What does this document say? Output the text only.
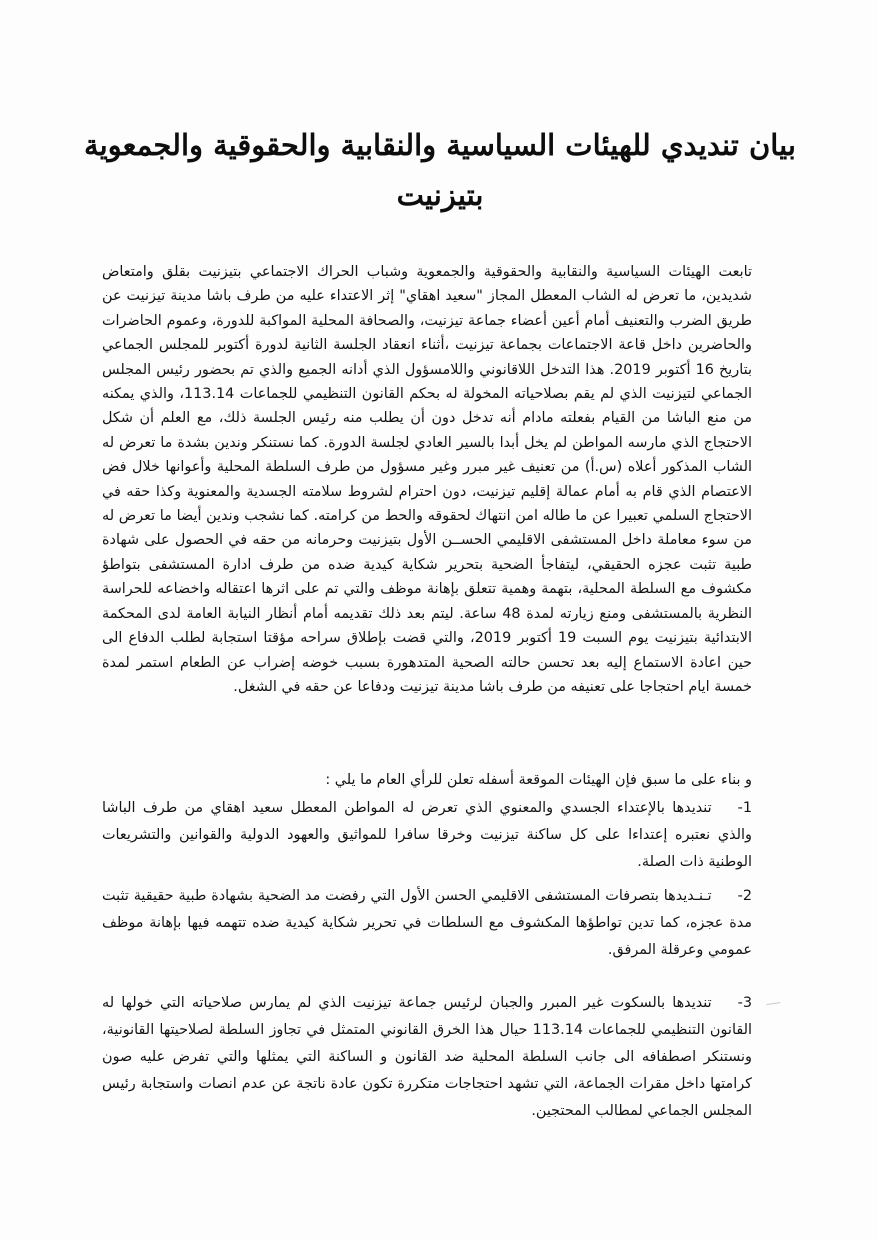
بيان تنديدي للهيئات السياسية والنقابية والحقوقية والجمعوية
بتيزنيت
تابعت الهيئات السياسية والنقابية والحقوقية والجمعوية وشباب الحراك الاجتماعي بتيزنيت بقلق وامتعاض شديدين، ما تعرض له الشاب المعطل المجاز "سعيد اهقاي" إثر الاعتداء عليه من طرف باشا مدينة تيزنيت عن طريق الضرب والتعنيف أمام أعين أعضاء جماعة تيزنيت، والصحافة المحلية المواكبة للدورة، وعموم الحاضرات والحاضرين داخل قاعة الاجتماعات بجماعة تيزنيت ،أثناء انعقاد الجلسة الثانية لدورة أكتوبر للمجلس الجماعي بتاريخ 16 أكتوبر 2019. هذا التدخل اللاقانوني واللامسؤول الذي أدانه الجميع والذي تم بحضور رئيس المجلس الجماعي لتيزنيت الذي لم يقم بصلاحياته المخولة له بحكم القانون التنظيمي للجماعات 113.14، والذي يمكنه من منع الباشا من القيام بفعلته مادام أنه تدخل دون أن يطلب منه رئيس الجلسة ذلك، مع العلم أن شكل الاحتجاج الذي مارسه المواطن لم يخل أبدا بالسير العادي لجلسة الدورة. كما نستنكر وندين بشدة ما تعرض له الشاب المذكور أعلاه (س.أ) من تعنيف غير مبرر وغير مسؤول من طرف السلطة المحلية وأعوانها خلال فض الاعتصام الذي قام به أمام عمالة إقليم تيزنيت، دون احترام لشروط سلامته الجسدية والمعنوية وكذا حقه في الاحتجاج السلمي تعبيرا عن ما طاله امن انتهاك لحقوقه والحط من كرامته. كما نشجب وندين أيضا ما تعرض له من سوء معاملة داخل المستشفى الاقليمي الحســن الأول بتيزنيت وحرمانه من حقه في الحصول على شهادة طبية تثبت عجزه الحقيقي، ليتفاجأ الضحية بتحرير شكاية كيدية ضده من طرف ادارة المستشفى بتواطؤ مكشوف مع السلطة المحلية، بتهمة وهمية تتعلق بإهانة موظف والتي تم على اثرها اعتقاله واخضاعه للحراسة النظرية بالمستشفى ومنع زيارته لمدة 48 ساعة. ليتم بعد ذلك تقديمه أمام أنظار النيابة العامة لدى المحكمة الابتدائية بتيزنيت يوم السبت 19 أكتوبر 2019، والتي قضت بإطلاق سراحه مؤقتا استجابة لطلب الدفاع الى حين اعادة الاستماع إليه بعد تحسن حالته الصحية المتدهورة بسبب خوضه إضراب عن الطعام استمر لمدة خمسة ايام احتجاجا على تعنيفه من طرف باشا مدينة تيزنيت ودفاعا عن حقه في الشغل.
و بناء على ما سبق فإن الهيئات الموقعة أسفله تعلن للرأي العام ما يلي :
1-تنديدها بالإعتداء الجسدي والمعنوي الذي تعرض له المواطن المعطل سعيد اهقاي من طرف الباشا والذي نعتبره إعتداءا على كل ساكنة تيزنيت وخرقا سافرا للمواثيق والعهود الدولية والقوانين والتشريعات الوطنية ذات الصلة.
2-تـنـديدها بتصرفات المستشفى الاقليمي الحسن الأول التي رفضت مد الضحية بشهادة طبية حقيقية تثبت مدة عجزه، كما تدين تواطؤها المكشوف مع السلطات في تحرير شكاية كيدية ضده تتهمه فيها بإهانة موظف عمومي وعرقلة المرفق.
3-تنديدها بالسكوت غير المبرر والجبان لرئيس جماعة تيزنيت الذي لم يمارس صلاحياته التي خولها له القانون التنظيمي للجماعات 113.14 حيال هذا الخرق القانوني المتمثل في تجاوز السلطة لصلاحيتها القانونية، ونستنكر اصطفافه الى جانب السلطة المحلية ضد القانون و الساكنة التي يمثلها والتي تفرض عليه صون كرامتها داخل مقرات الجماعة، التي تشهد احتجاجات متكررة تكون عادة ناتجة عن عدم انصات واستجابة رئيس المجلس الجماعي لمطالب المحتجين.
